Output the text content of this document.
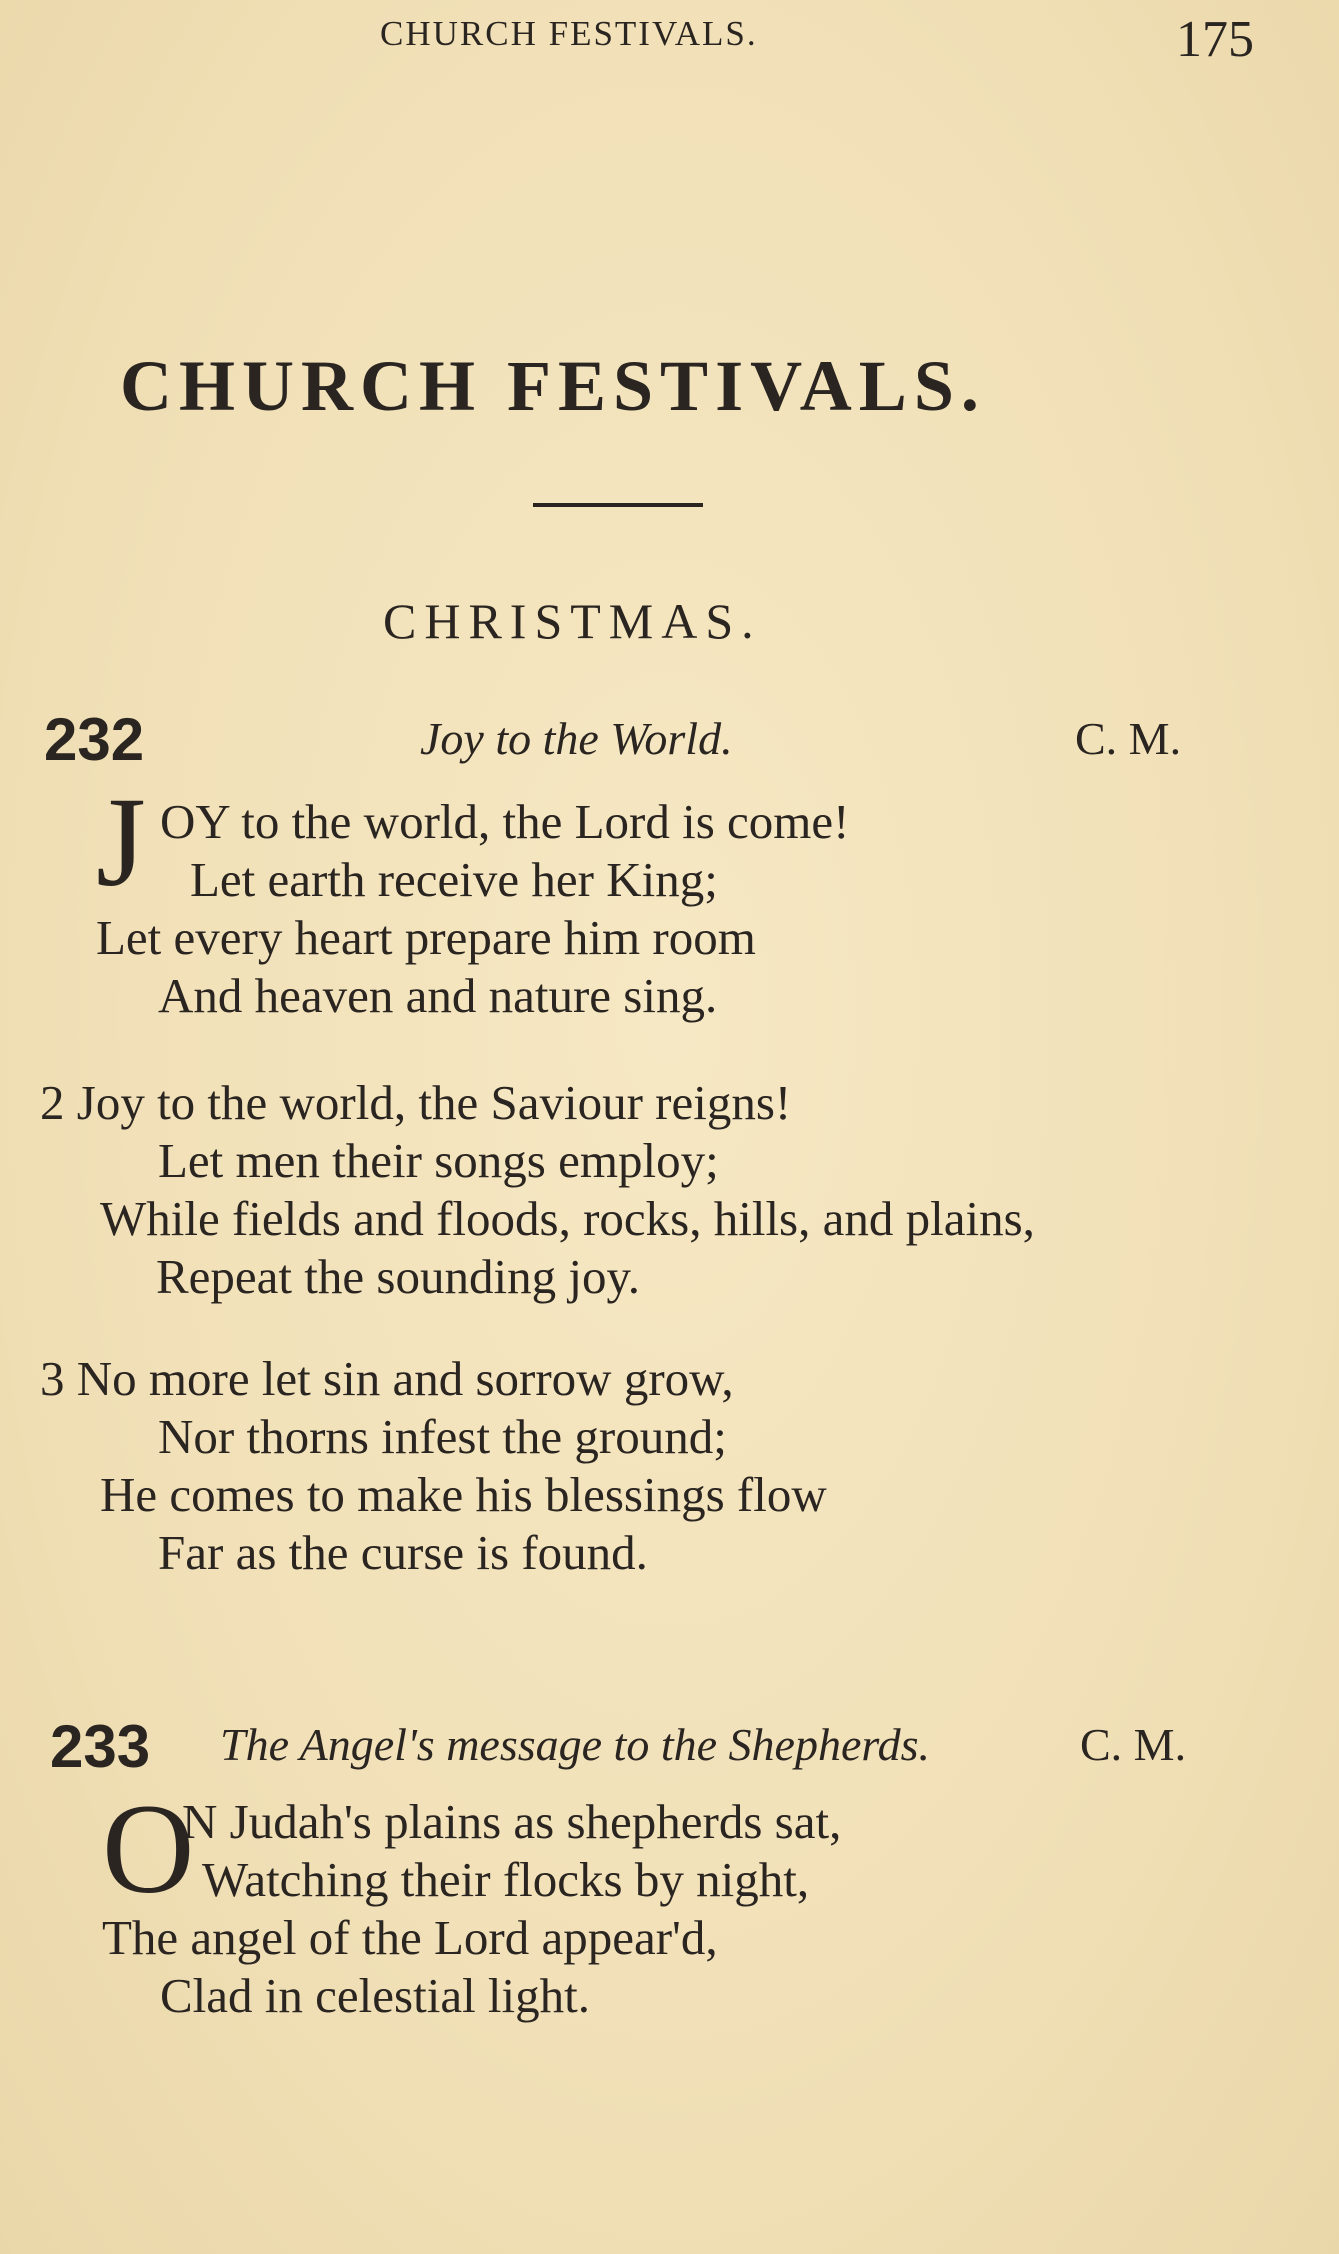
CHURCH FESTIVALS.	175
CHURCH FESTIVALS.
CHRISTMAS.
232	Joy to the World.	C. M.
J OY to the world, the Lord is come!
Let earth receive her King;
Let every heart prepare him room
And heaven and nature sing.
2 Joy to the world, the Saviour reigns!
Let men their songs employ;
While fields and floods, rocks, hills, and plains,
Repeat the sounding joy.
3 No more let sin and sorrow grow,
Nor thorns infest the ground;
He comes to make his blessings flow
Far as the curse is found.
233 The Angel's message to the Shepherds.	C. M.
O
N Judah's plains as shepherds sat,
Watching their flocks by night,
The angel of the Lord appear'd,
Clad in celestial light.
